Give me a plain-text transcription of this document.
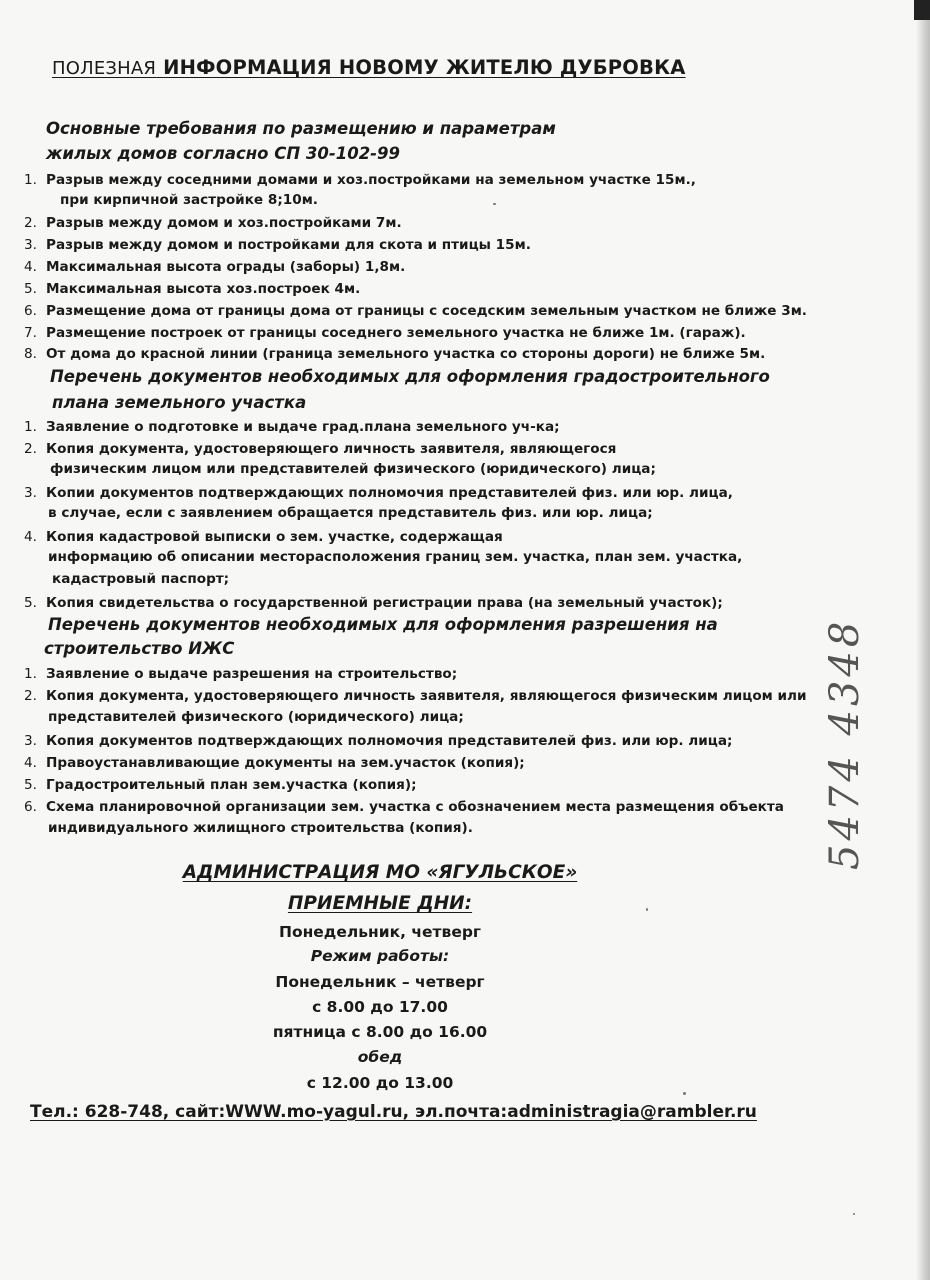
ПОЛЕЗНАЯ ИНФОРМАЦИЯ НОВОМУ ЖИТЕЛЮ ДУБРОВКА
Основные требования по размещению и параметрам
жилых домов согласно СП 30-102-99
1. Разрыв между соседними домами и хоз.постройками на земельном участке 15м.,
при кирпичной застройке 8;10м.
2. Разрыв между домом и хоз.постройками 7м.
3. Разрыв между домом и постройками для скота и птицы 15м.
4. Максимальная высота ограды (заборы) 1,8м.
5. Максимальная высота хоз.построек 4м.
6. Размещение дома от границы дома от границы с соседским земельным участком не ближе 3м.
7. Размещение построек от границы соседнего земельного участка не ближе 1м. (гараж).
8. От дома до красной линии (граница земельного участка со стороны дороги) не ближе 5м.
Перечень документов необходимых для оформления градостроительного
плана земельного участка
1. Заявление о подготовке и выдаче град.плана земельного уч-ка;
2. Копия документа, удостоверяющего личность заявителя, являющегося
физическим лицом или представителей физического (юридического) лица;
3. Копии документов подтверждающих полномочия представителей физ. или юр. лица,
в случае, если с заявлением обращается представитель физ. или юр. лица;
4. Копия кадастровой выписки о зем. участке, содержащая
информацию об описании месторасположения границ зем. участка, план зем. участка,
кадастровый паспорт;
5. Копия свидетельства о государственной регистрации права (на земельный участок);
Перечень документов необходимых для оформления разрешения на
строительство ИЖС
1. Заявление о выдаче разрешения на строительство;
2. Копия документа, удостоверяющего личность заявителя, являющегося физическим лицом или
представителей физического (юридического) лица;
3. Копия документов подтверждающих полномочия представителей физ. или юр. лица;
4. Правоустанавливающие документы на зем.участок (копия);
5. Градостроительный план зем.участка (копия);
6. Схема планировочной организации зем. участка с обозначением места размещения объекта
индивидуального жилищного строительства (копия).
АДМИНИСТРАЦИЯ МО «ЯГУЛЬСКОЕ»
ПРИЕМНЫЕ ДНИ:
Понедельник, четверг
Режим работы:
Понедельник – четверг
с 8.00 до 17.00
пятница с 8.00 до 16.00
обед
с 12.00 до 13.00
Тел.: 628-748, сайт:WWW.mo-yagul.ru, эл.почта:administragia@rambler.ru
5474 4348
